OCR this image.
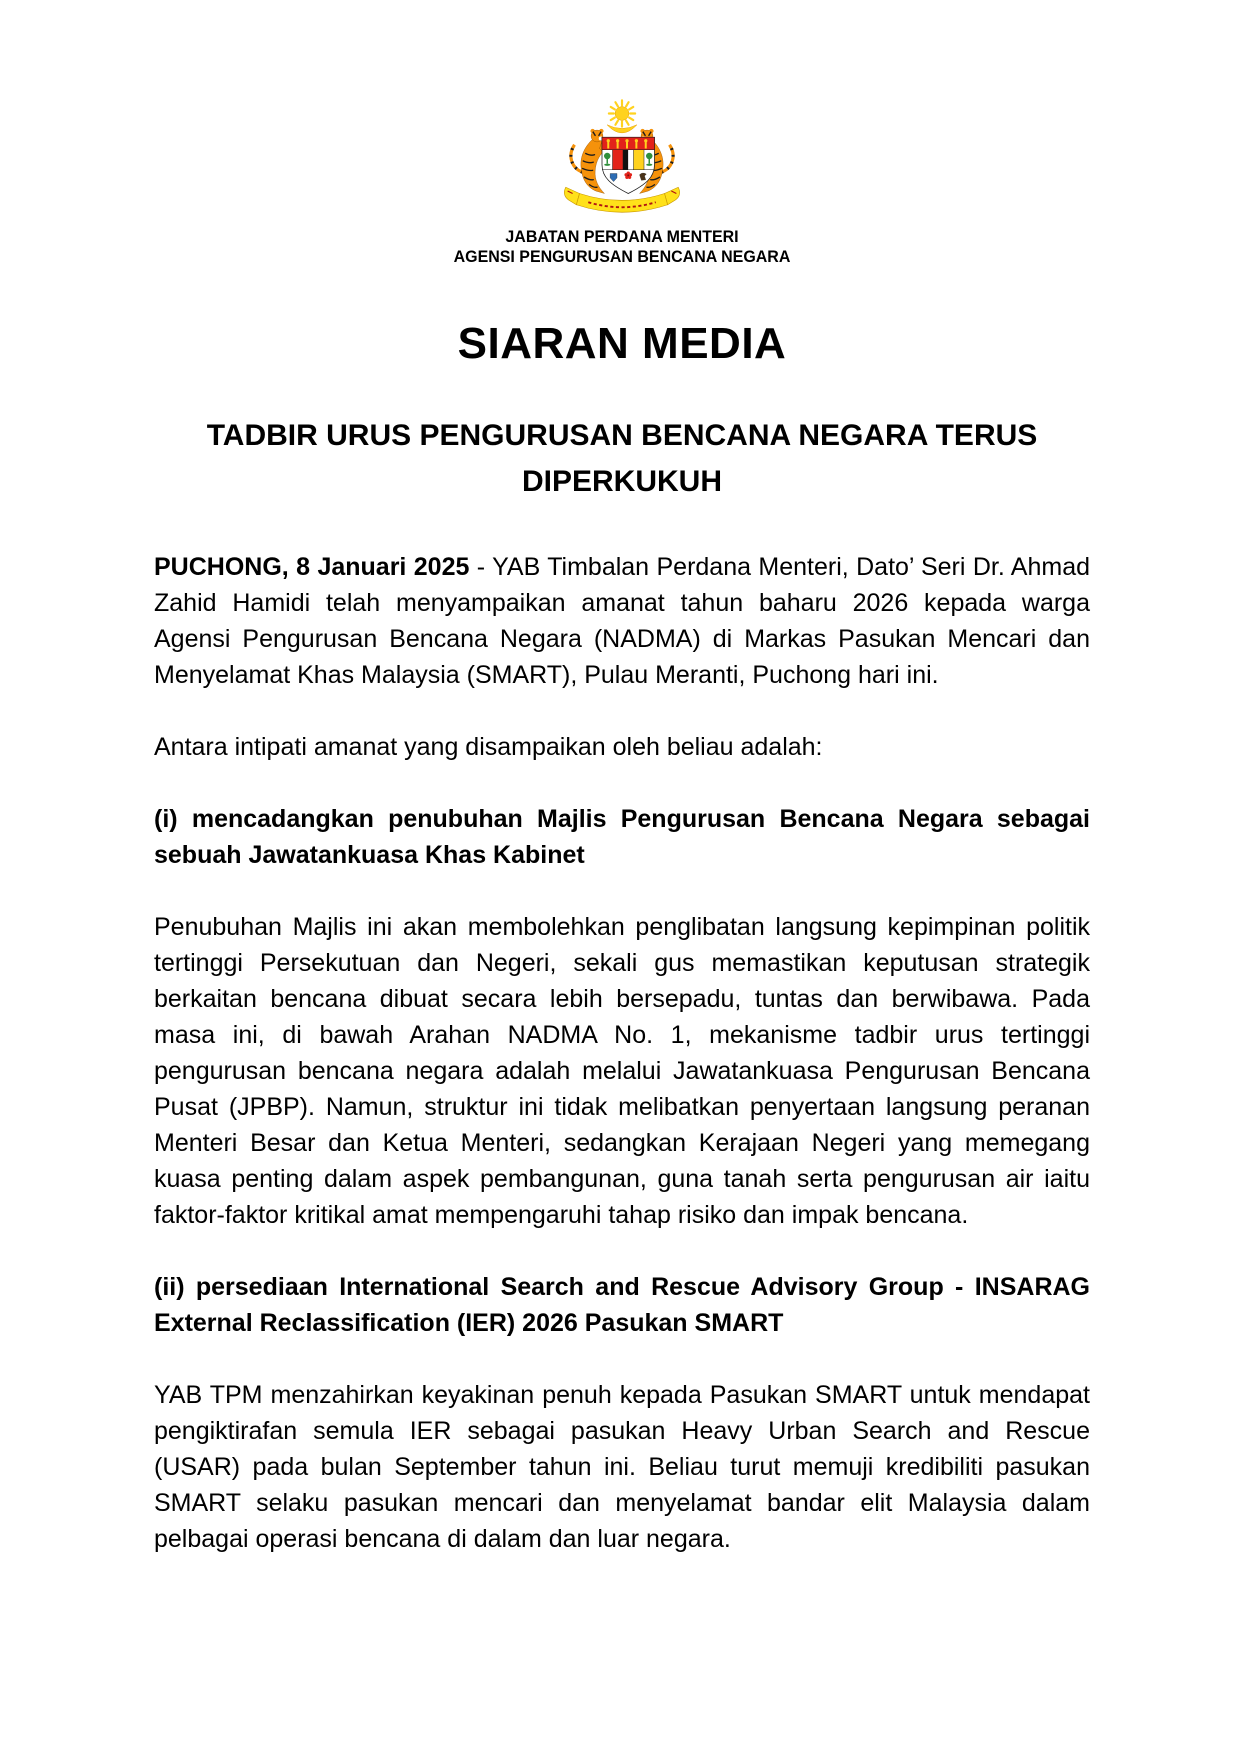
JABATAN PERDANA MENTERI
AGENSI PENGURUSAN BENCANA NEGARA
SIARAN MEDIA
TADBIR URUS PENGURUSAN BENCANA NEGARA TERUS DIPERKUKUH

PUCHONG, 8 Januari 2025 - YAB Timbalan Perdana Menteri, Dato’ Seri Dr. Ahmad Zahid Hamidi telah menyampaikan amanat tahun baharu 2026 kepada warga Agensi Pengurusan Bencana Negara (NADMA) di Markas Pasukan Mencari dan Menyelamat Khas Malaysia (SMART), Pulau Meranti, Puchong hari ini.

Antara intipati amanat yang disampaikan oleh beliau adalah:

(i) mencadangkan penubuhan Majlis Pengurusan Bencana Negara sebagai sebuah Jawatankuasa Khas Kabinet

Penubuhan Majlis ini akan membolehkan penglibatan langsung kepimpinan politik tertinggi Persekutuan dan Negeri, sekali gus memastikan keputusan strategik berkaitan bencana dibuat secara lebih bersepadu, tuntas dan berwibawa. Pada masa ini, di bawah Arahan NADMA No. 1, mekanisme tadbir urus tertinggi pengurusan bencana negara adalah melalui Jawatankuasa Pengurusan Bencana Pusat (JPBP). Namun, struktur ini tidak melibatkan penyertaan langsung peranan Menteri Besar dan Ketua Menteri, sedangkan Kerajaan Negeri yang memegang kuasa penting dalam aspek pembangunan, guna tanah serta pengurusan air iaitu faktor-faktor kritikal amat mempengaruhi tahap risiko dan impak bencana.

(ii) persediaan International Search and Rescue Advisory Group - INSARAG External Reclassification (IER) 2026 Pasukan SMART

YAB TPM menzahirkan keyakinan penuh kepada Pasukan SMART untuk mendapat pengiktirafan semula IER sebagai pasukan Heavy Urban Search and Rescue (USAR) pada bulan September tahun ini. Beliau turut memuji kredibiliti pasukan SMART selaku pasukan mencari dan menyelamat bandar elit Malaysia dalam pelbagai operasi bencana di dalam dan luar negara.
